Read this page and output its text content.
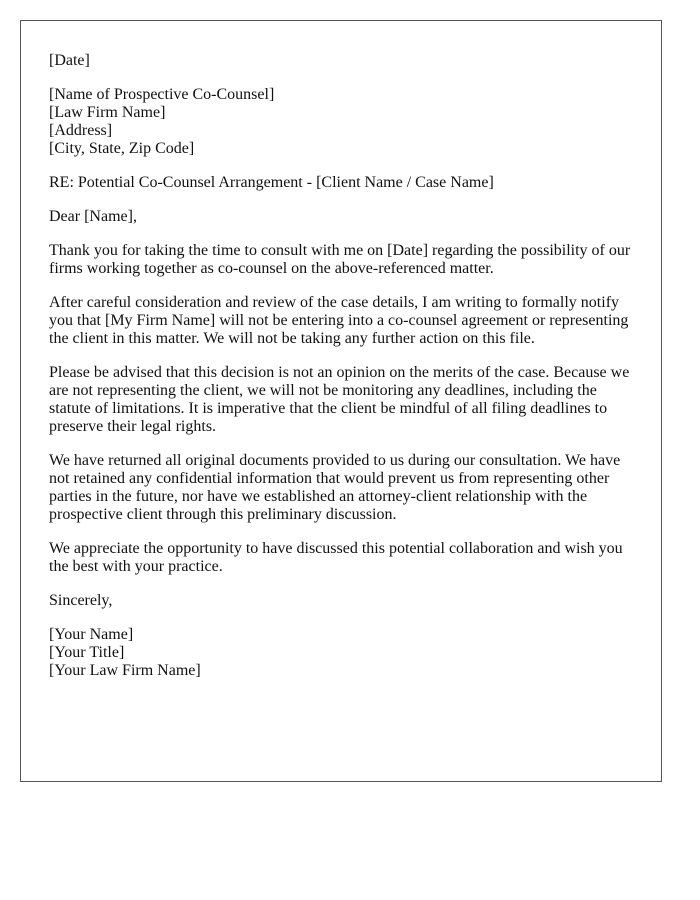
[Date]

[Name of Prospective Co-Counsel]
[Law Firm Name]
[Address]
[City, State, Zip Code]

RE: Potential Co-Counsel Arrangement - [Client Name / Case Name]

Dear [Name],

Thank you for taking the time to consult with me on [Date] regarding the possibility of our firms working together as co-counsel on the above-referenced matter.

After careful consideration and review of the case details, I am writing to formally notify you that [My Firm Name] will not be entering into a co-counsel agreement or representing the client in this matter. We will not be taking any further action on this file.

Please be advised that this decision is not an opinion on the merits of the case. Because we are not representing the client, we will not be monitoring any deadlines, including the statute of limitations. It is imperative that the client be mindful of all filing deadlines to preserve their legal rights.

We have returned all original documents provided to us during our consultation. We have not retained any confidential information that would prevent us from representing other parties in the future, nor have we established an attorney-client relationship with the prospective client through this preliminary discussion.

We appreciate the opportunity to have discussed this potential collaboration and wish you the best with your practice.

Sincerely,

[Your Name]
[Your Title]
[Your Law Firm Name]
